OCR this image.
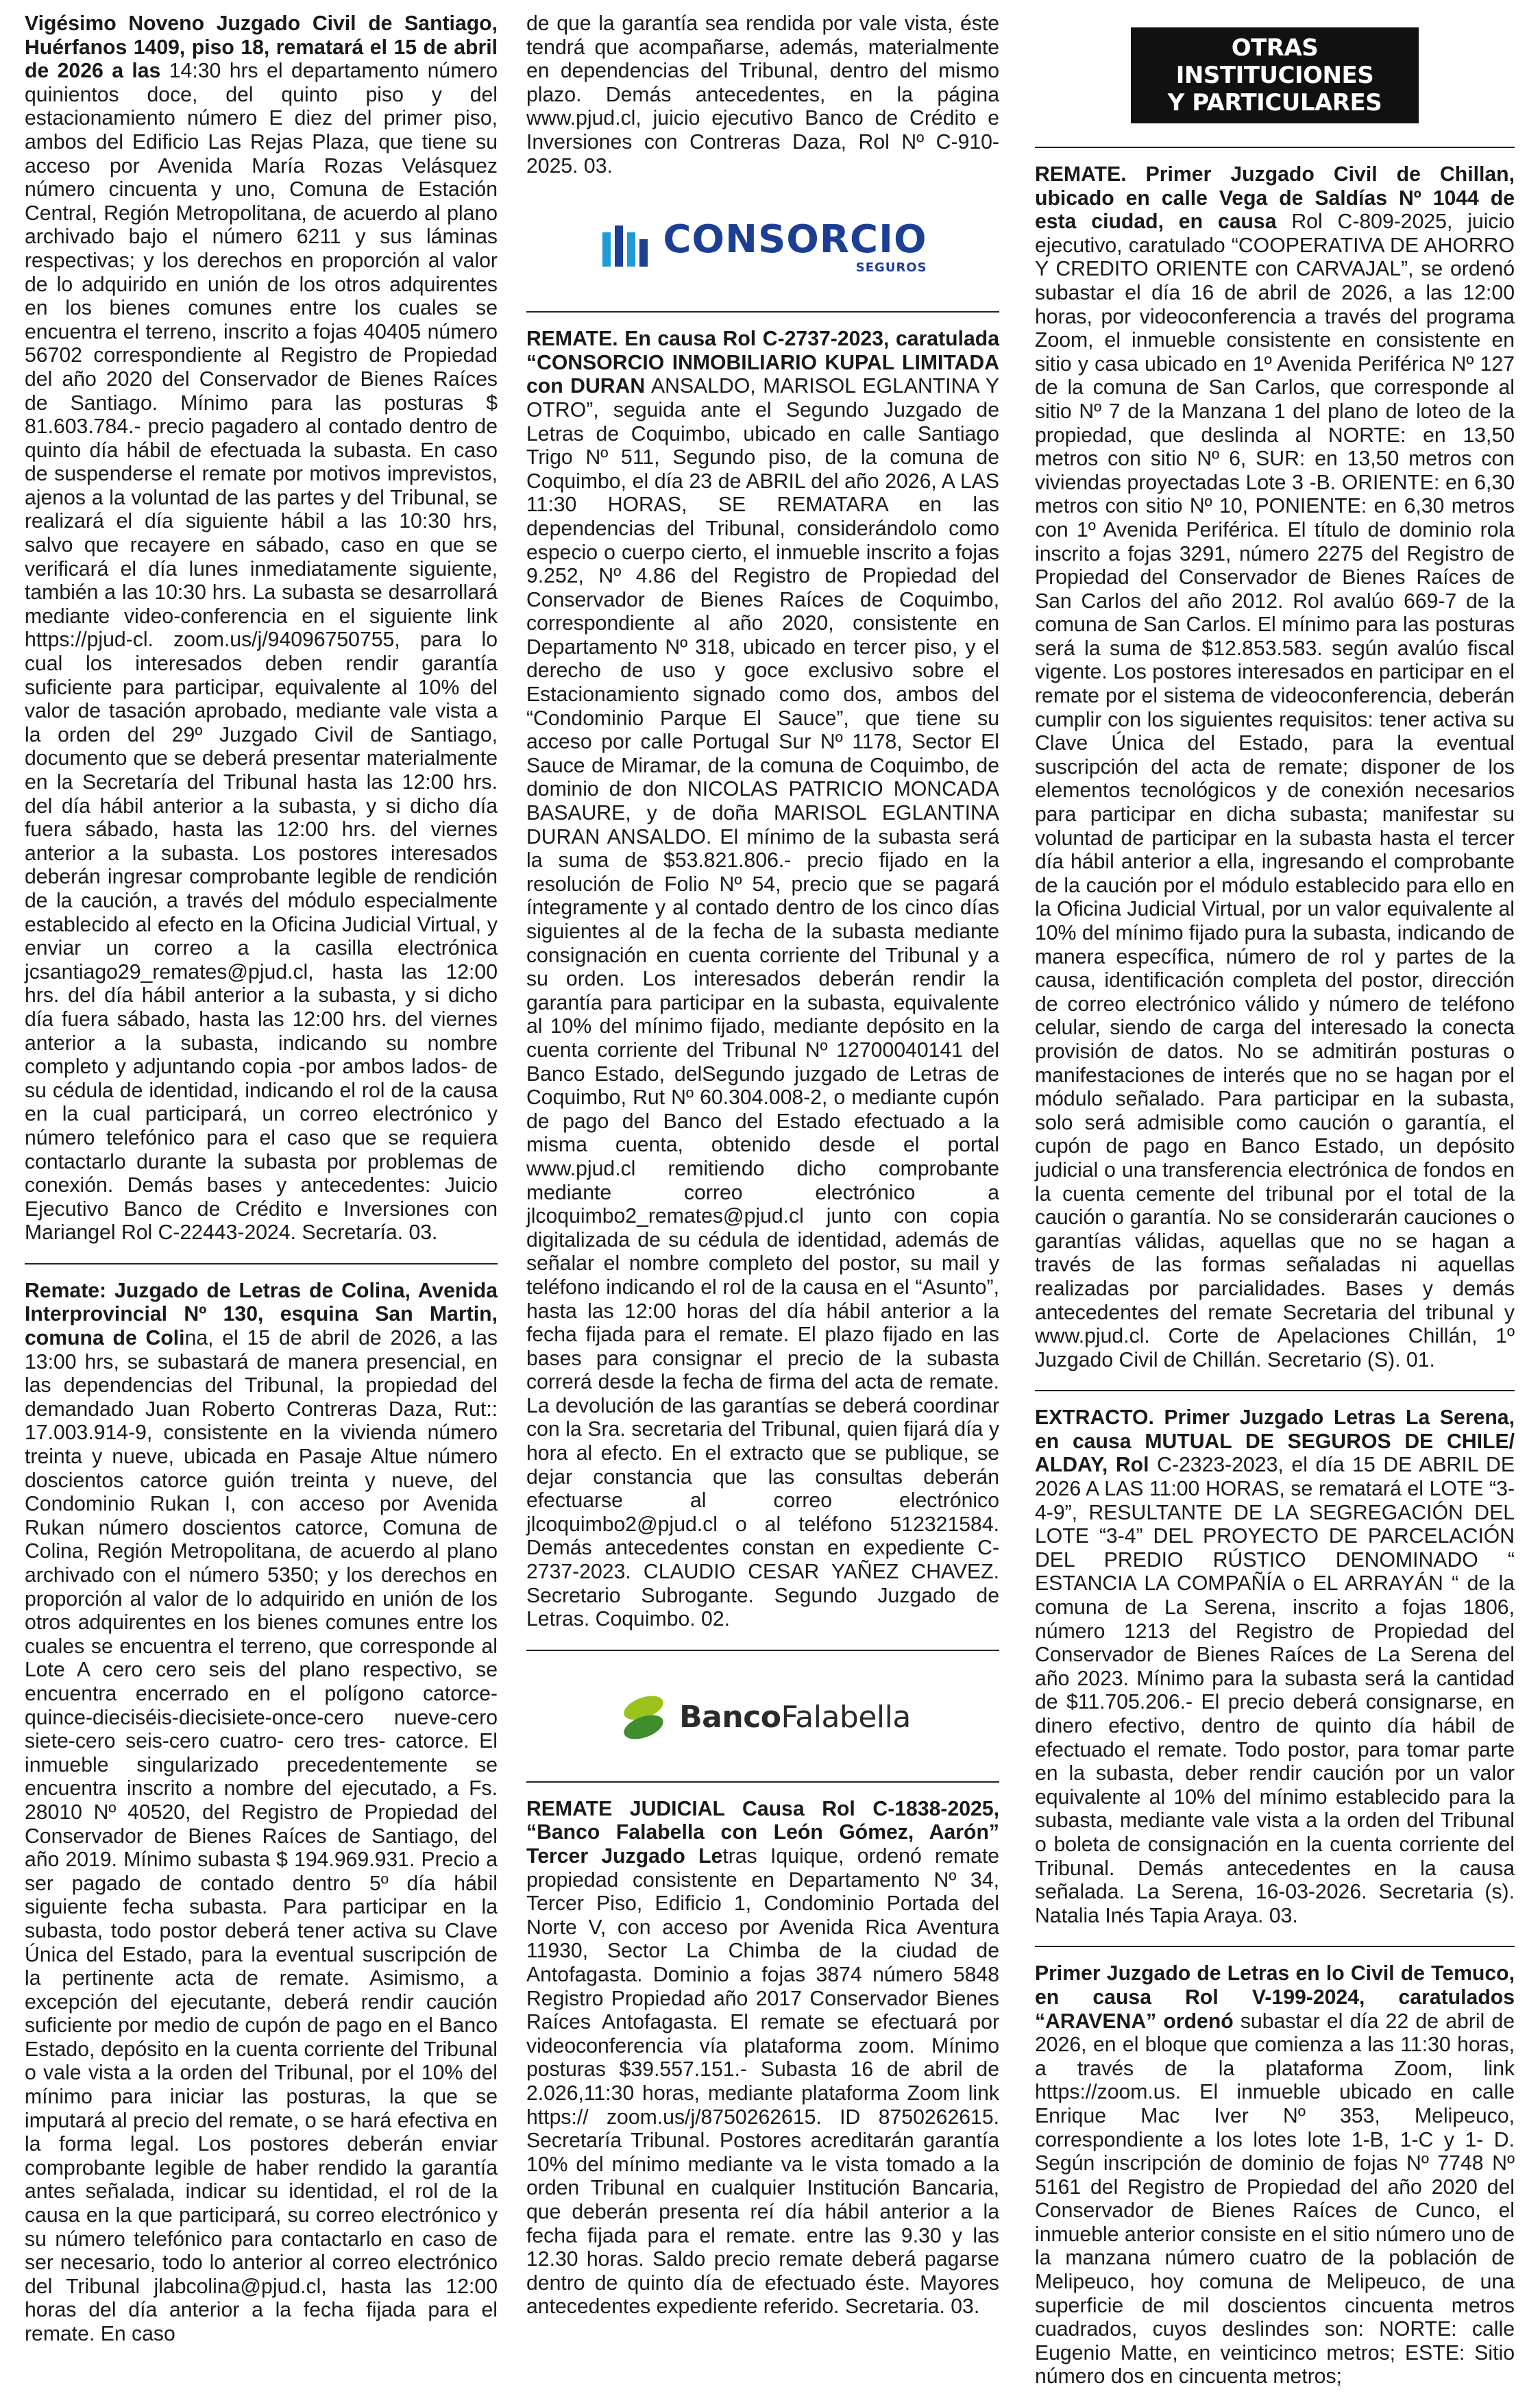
Vigésimo Noveno Juzgado Civil de Santiago, Huérfanos 1409, piso 18, rematará el 15 de abril de 2026 a las 14:30 hrs el departamento número quinientos doce, del quinto piso y del estacionamiento número E diez del primer piso, ambos del Edificio Las Rejas Plaza, que tiene su acceso por Avenida María Rozas Velásquez número cincuenta y uno, Comuna de Estación Central, Región Metropolitana, de acuerdo al plano archivado bajo el número 6211 y sus láminas respectivas; y los derechos en proporción al valor de lo adquirido en unión de los otros adquirentes en los bienes comunes entre los cuales se encuentra el terreno, inscrito a fojas 40405 número 56702 correspondiente al Registro de Propiedad del año 2020 del Conservador de Bienes Raíces de Santiago. Mínimo para las posturas $ 81.603.784.- precio pagadero al contado dentro de quinto día hábil de efectuada la subasta. En caso de suspenderse el remate por motivos imprevistos, ajenos a la voluntad de las partes y del Tribunal, se realizará el día siguiente hábil a las 10:30 hrs, salvo que recayere en sábado, caso en que se verificará el día lunes inmediatamente siguiente, también a las 10:30 hrs. La subasta se desarrollará mediante video-conferencia en el siguiente link https://pjud-cl. zoom.us/j/94096750755, para lo cual los interesados deben rendir garantía suficiente para participar, equivalente al 10% del valor de tasación aprobado, mediante vale vista a la orden del 29º Juzgado Civil de Santiago, documento que se deberá presentar materialmente en la Secretaría del Tribunal hasta las 12:00 hrs. del día hábil anterior a la subasta, y si dicho día fuera sábado, hasta las 12:00 hrs. del viernes anterior a la subasta. Los postores interesados deberán ingresar comprobante legible de rendición de la caución, a través del módulo especialmente establecido al efecto en la Oficina Judicial Virtual, y enviar un correo a la casilla electrónica jcsantiago29_remates@pjud.cl, hasta las 12:00 hrs. del día hábil anterior a la subasta, y si dicho día fuera sábado, hasta las 12:00 hrs. del viernes anterior a la subasta, indicando su nombre completo y adjuntando copia -por ambos lados- de su cédula de identidad, indicando el rol de la causa en la cual participará, un correo electrónico y número telefónico para el caso que se requiera contactarlo durante la subasta por problemas de conexión. Demás bases y antecedentes: Juicio Ejecutivo Banco de Crédito e Inversiones con Mariangel Rol C-22443-2024. Secretaría. 03.

Remate: Juzgado de Letras de Colina, Avenida Interprovincial Nº 130, esquina San Martin, comuna de Colina, el 15 de abril de 2026, a las 13:00 hrs, se subastará de manera presencial, en las dependencias del Tribunal, la propiedad del demandado Juan Roberto Contreras Daza, Rut:: 17.003.914-9, consistente en la vivienda número treinta y nueve, ubicada en Pasaje Altue número doscientos catorce guión treinta y nueve, del Condominio Rukan I, con acceso por Avenida Rukan número doscientos catorce, Comuna de Colina, Región Metropolitana, de acuerdo al plano archivado con el número 5350; y los derechos en proporción al valor de lo adquirido en unión de los otros adquirentes en los bienes comunes entre los cuales se encuentra el terreno, que corresponde al Lote A cero cero seis del plano respectivo, se encuentra encerrado en el polígono catorce-quince-dieciséis-diecisiete-once-cero nueve-cero siete-cero seis-cero cuatro- cero tres- catorce. El inmueble singularizado precedentemente se encuentra inscrito a nombre del ejecutado, a Fs. 28010 Nº 40520, del Registro de Propiedad del Conservador de Bienes Raíces de Santiago, del año 2019. Mínimo subasta $ 194.969.931. Precio a ser pagado de contado dentro 5º día hábil siguiente fecha subasta. Para participar en la subasta, todo postor deberá tener activa su Clave Única del Estado, para la eventual suscripción de la pertinente acta de remate. Asimismo, a excepción del ejecutante, deberá rendir caución suficiente por medio de cupón de pago en el Banco Estado, depósito en la cuenta corriente del Tribunal o vale vista a la orden del Tribunal, por el 10% del mínimo para iniciar las posturas, la que se imputará al precio del remate, o se hará efectiva en la forma legal. Los postores deberán enviar comprobante legible de haber rendido la garantía antes señalada, indicar su identidad, el rol de la causa en la que participará, su correo electrónico y su número telefónico para contactarlo en caso de ser necesario, todo lo anterior al correo electrónico del Tribunal jlabcolina@pjud.cl, hasta las 12:00 horas del día anterior a la fecha fijada para el remate. En caso

de que la garantía sea rendida por vale vista, éste tendrá que acompañarse, además, materialmente en dependencias del Tribunal, dentro del mismo plazo. Demás antecedentes, en la página www.pjud.cl, juicio ejecutivo Banco de Crédito e Inversiones con Contreras Daza, Rol Nº C-910-2025. 03.

CONSORCIO
SEGUROS

REMATE. En causa Rol C-2737-2023, caratulada “CONSORCIO INMOBILIARIO KUPAL LIMITADA con DURAN ANSALDO, MARISOL EGLANTINA Y OTRO”, seguida ante el Segundo Juzgado de Letras de Coquimbo, ubicado en calle Santiago Trigo Nº 511, Segundo piso, de la comuna de Coquimbo, el día 23 de ABRIL del año 2026, A LAS 11:30 HORAS, SE REMATARA en las dependencias del Tribunal, considerándolo como especio o cuerpo cierto, el inmueble inscrito a fojas 9.252, Nº 4.86 del Registro de Propiedad del Conservador de Bienes Raíces de Coquimbo, correspondiente al año 2020, consistente en Departamento Nº 318, ubicado en tercer piso, y el derecho de uso y goce exclusivo sobre el Estacionamiento signado como dos, ambos del “Condominio Parque El Sauce”, que tiene su acceso por calle Portugal Sur Nº 1178, Sector El Sauce de Miramar, de la comuna de Coquimbo, de dominio de don NICOLAS PATRICIO MONCADA BASAURE, y de doña MARISOL EGLANTINA DURAN ANSALDO. El mínimo de la subasta será la suma de $53.821.806.- precio fijado en la resolución de Folio Nº 54, precio que se pagará íntegramente y al contado dentro de los cinco días siguientes al de la fecha de la subasta mediante consignación en cuenta corriente del Tribunal y a su orden. Los interesados deberán rendir la garantía para participar en la subasta, equivalente al 10% del mínimo fijado, mediante depósito en la cuenta corriente del Tribunal Nº 12700040141 del Banco Estado, delSegundo juzgado de Letras de Coquimbo, Rut Nº 60.304.008-2, o mediante cupón de pago del Banco del Estado efectuado a la misma cuenta, obtenido desde el portal www.pjud.cl remitiendo dicho comprobante mediante correo electrónico a jlcoquimbo2_remates@pjud.cl junto con copia digitalizada de su cédula de identidad, además de señalar el nombre completo del postor, su mail y teléfono indicando el rol de la causa en el “Asunto”, hasta las 12:00 horas del día hábil anterior a la fecha fijada para el remate. El plazo fijado en las bases para consignar el precio de la subasta correrá desde la fecha de firma del acta de remate. La devolución de las garantías se deberá coordinar con la Sra. secretaria del Tribunal, quien fijará día y hora al efecto. En el extracto que se publique, se dejar constancia que las consultas deberán efectuarse al correo electrónico jlcoquimbo2@pjud.cl o al teléfono 512321584. Demás antecedentes constan en expediente C-2737-2023. CLAUDIO CESAR YAÑEZ CHAVEZ. Secretario Subrogante. Segundo Juzgado de Letras. Coquimbo. 02.

BancoFalabella

REMATE JUDICIAL Causa Rol C-1838-2025, “Banco Falabella con León Gómez, Aarón” Tercer Juzgado Letras Iquique, ordenó remate propiedad consistente en Departamento Nº 34, Tercer Piso, Edificio 1, Condominio Portada del Norte V, con acceso por Avenida Rica Aventura 11930, Sector La Chimba de la ciudad de Antofagasta. Dominio a fojas 3874 número 5848 Registro Propiedad año 2017 Conservador Bienes Raíces Antofagasta. El remate se efectuará por videoconferencia vía plataforma zoom. Mínimo posturas $39.557.151.- Subasta 16 de abril de 2.026,11:30 horas, mediante plataforma Zoom link https:// zoom.us/j/8750262615. ID 8750262615. Secretaría Tribunal. Postores acreditarán garantía 10% del mínimo mediante va le vista tomado a la orden Tribunal en cualquier Institución Bancaria, que deberán presenta reí día hábil anterior a la fecha fijada para el remate. entre las 9.30 y las 12.30 horas. Saldo precio remate deberá pagarse dentro de quinto día de efectuado éste. Mayores antecedentes expediente referido. Secretaria. 03.

OTRAS INSTITUCIONES
Y PARTICULARES

REMATE. Primer Juzgado Civil de Chillan, ubicado en calle Vega de Saldías Nº 1044 de esta ciudad, en causa Rol C-809-2025, juicio ejecutivo, caratulado “COOPERATIVA DE AHORRO Y CREDITO ORIENTE con CARVAJAL”, se ordenó subastar el día 16 de abril de 2026, a las 12:00 horas, por videoconferencia a través del programa Zoom, el inmueble consistente en consistente en sitio y casa ubicado en 1º Avenida Periférica Nº 127 de la comuna de San Carlos, que corresponde al sitio Nº 7 de la Manzana 1 del plano de loteo de la propiedad, que deslinda al NORTE: en 13,50 metros con sitio Nº 6, SUR: en 13,50 metros con viviendas proyectadas Lote 3 -B. ORIENTE: en 6,30 metros con sitio Nº 10, PONIENTE: en 6,30 metros con 1º Avenida Periférica. El título de dominio rola inscrito a fojas 3291, número 2275 del Registro de Propiedad del Conservador de Bienes Raíces de San Carlos del año 2012. Rol avalúo 669-7 de la comuna de San Carlos. El mínimo para las posturas será la suma de $12.853.583. según avalúo fiscal vigente. Los postores interesados en participar en el remate por el sistema de videoconferencia, deberán cumplir con los siguientes requisitos: tener activa su Clave Única del Estado, para la eventual suscripción del acta de remate; disponer de los elementos tecnológicos y de conexión necesarios para participar en dicha subasta; manifestar su voluntad de participar en la subasta hasta el tercer día hábil anterior a ella, ingresando el comprobante de la caución por el módulo establecido para ello en la Oficina Judicial Virtual, por un valor equivalente al 10% del mínimo fijado pura la subasta, indicando de manera específica, número de rol y partes de la causa, identificación completa del postor, dirección de correo electrónico válido y número de teléfono celular, siendo de carga del interesado la conecta provisión de datos. No se admitirán posturas o manifestaciones de interés que no se hagan por el módulo señalado. Para participar en la subasta, solo será admisible como caución o garantía, el cupón de pago en Banco Estado, un depósito judicial o una transferencia electrónica de fondos en la cuenta cemente del tribunal por el total de la caución o garantía. No se considerarán cauciones o garantías válidas, aquellas que no se hagan a través de las formas señaladas ni aquellas realizadas por parcialidades. Bases y demás antecedentes del remate Secretaria del tribunal y www.pjud.cl. Corte de Apelaciones Chillán, 1º Juzgado Civil de Chillán. Secretario (S). 01.

EXTRACTO. Primer Juzgado Letras La Serena, en causa MUTUAL DE SEGUROS DE CHILE/ ALDAY, Rol C-2323-2023, el día 15 DE ABRIL DE 2026 A LAS 11:00 HORAS, se rematará el LOTE “3-4-9”, RESULTANTE DE LA SEGREGACIÓN DEL LOTE “3-4” DEL PROYECTO DE PARCELACIÓN DEL PREDIO RÚSTICO DENOMINADO “ ESTANCIA LA COMPAÑÍA o EL ARRAYÁN “ de la comuna de La Serena, inscrito a fojas 1806, número 1213 del Registro de Propiedad del Conservador de Bienes Raíces de La Serena del año 2023. Mínimo para la subasta será la cantidad de $11.705.206.- El precio deberá consignarse, en dinero efectivo, dentro de quinto día hábil de efectuado el remate. Todo postor, para tomar parte en la subasta, deber rendir caución por un valor equivalente al 10% del mínimo establecido para la subasta, mediante vale vista a la orden del Tribunal o boleta de consignación en la cuenta corriente del Tribunal. Demás antecedentes en la causa señalada. La Serena, 16-03-2026. Secretaria (s). Natalia Inés Tapia Araya. 03.

Primer Juzgado de Letras en lo Civil de Temuco, en causa Rol V-199-2024, caratulados “ARAVENA” ordenó subastar el día 22 de abril de 2026, en el bloque que comienza a las 11:30 horas, a través de la plataforma Zoom, link https://zoom.us. El inmueble ubicado en calle Enrique Mac Iver Nº 353, Melipeuco, correspondiente a los lotes lote 1-B, 1-C y 1- D. Según inscripción de dominio de fojas Nº 7748 Nº 5161 del Registro de Propiedad del año 2020 del Conservador de Bienes Raíces de Cunco, el inmueble anterior consiste en el sitio número uno de la manzana número cuatro de la población de Melipeuco, hoy comuna de Melipeuco, de una superficie de mil doscientos cincuenta metros cuadrados, cuyos deslindes son: NORTE: calle Eugenio Matte, en veinticinco metros; ESTE: Sitio número dos en cincuenta metros;
